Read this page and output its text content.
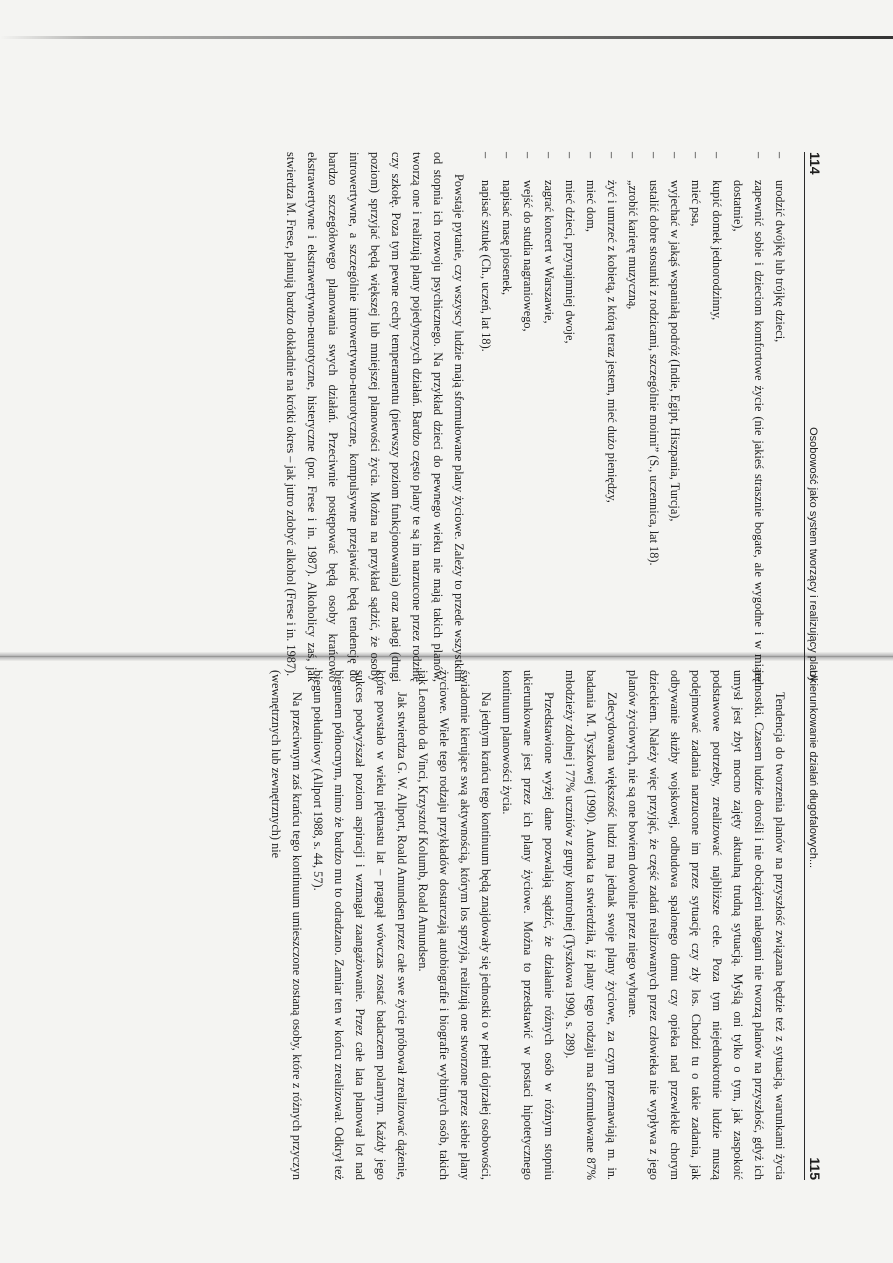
114
Osobowość jako system tworzący i realizujący plany
– urodzić dwójkę lub trójkę dzieci,
– zapewnić sobie i dzieciom komfortowe życie (nie jakieś strasznie bogate, ale wygodne i w miarę dostatnie),
– kupić domek jednorodzinny,
– mieć psa,
– wyjechać w jakąś wspaniałą podróż (Indie, Egipt, Hiszpania, Turcja),
– ustalić dobre stosunki z rodzicami, szczególnie moimi” (S., uczennica, lat 18).
– „zrobić karierę muzyczną,
– żyć i umrzeć z kobietą, z którą teraz jestem, mieć dużo pieniędzy,
– mieć dom,
– mieć dzieci, przynajmniej dwoje,
– zagrać koncert w Warszawie,
– wejść do studia nagraniowego,
– napisać masę piosenek,
– napisać sztukę (Ch., uczeń, lat 18).

Powstaje pytanie, czy wszyscy ludzie mają sformułowane plany życiowe. Zależy to przede wszystkim od stopnia ich rozwoju psychicznego. Na przykład dzieci do pewnego wieku nie mają takich planów, tworzą one i realizują plany pojedynczych działań. Bardzo często plany te są im narzucone przez rodzinę czy szkołę. Poza tym pewne cechy temperamentu (pierwszy poziom funkcjonowania) oraz nałogi (drugi poziom) sprzyjać będą większej lub mniejszej planowości życia. Można na przykład sądzić, że osoby introwertywne, a szczególnie introwertywno-neurotyczne, kompulsywne przejawiać będą tendencję do bardzo szczegółowego planowania swych działań. Przeciwnie postępować będą osoby krańcowo ekstrawertywne i ekstrawertywno-neurotyczne, histeryczne (por. Frese i in. 1987). Alkoholicy zaś, jak stwierdza M. Frese, planują bardzo dokładnie na krótki okres – jak jutro zdobyć alkohol (Frese i in. 1987).

Ukierunkowanie działań długofalowych...
115

Tendencja do tworzenia planów na przyszłość związana będzie też z sytuacją, warunkami życia jednostki. Czasem ludzie dorośli i nie obciążeni nałogami nie tworzą planów na przyszłość, gdyż ich umysł jest zbyt mocno zajęty aktualną trudną sytuacją. Myślą oni tylko o tym, jak zaspokoić podstawowe potrzeby, zrealizować najbliższe cele. Poza tym niejednokrotnie ludzie muszą podejmować zadania narzucone im przez sytuację czy zły los. Chodzi tu o takie zadania, jak odbywanie służby wojskowej, odbudowa spalonego domu czy opieka nad przewlekle chorym dzieckiem. Należy więc przyjąć, że część zadań realizowanych przez człowieka nie wypływa z jego planów życiowych, nie są one bowiem dowolnie przez niego wybrane.

Zdecydowana większość ludzi ma jednak swoje plany życiowe, za czym przemawiają m. in. badania M. Tyszkowej (1990). Autorka ta stwierdziła, iż plany tego rodzaju ma sformułowane 87% młodzieży zdolnej i 77% uczniów z grupy kontrolnej (Tyszkowa 1990, s. 289).

Przedstawione wyżej dane pozwalają sądzić, że działanie różnych osób w różnym stopniu ukierunkowane jest przez ich plany życiowe. Można to przedstawić w postaci hipotetycznego kontinuum planowości życia.

Na jednym krańcu tego kontinuum będą znajdowały się jednostki o w pełni dojrzałej osobowości, świadomie kierujące swą aktywnością, którym los sprzyja, realizują one stworzone przez siebie plany życiowe. Wiele tego rodzaju przykładów dostarczają autobiografie i biografie wybitnych osób, takich jak Leonardo da Vinci, Krzysztof Kolumb, Roald Amundsen.

Jak stwierdza G. W. Allport, Roald Amundsen przez całe swe życie próbował zrealizować dążenie, które powstało w wieku piętnastu lat – pragnął wówczas zostać badaczem polarnym. Każdy jego sukces podwyższał poziom aspiracji i wzmagał zaangażowanie. Przez całe lata planował lot nad biegunem północnym, mimo że bardzo mu to odradzano. Zamiar ten w końcu zrealizował. Odkrył też biegun południowy (Allport 1988, s. 44, 57).

Na przeciwnym zaś krańcu tego kontinuum umieszczone zostaną osoby, które z różnych przyczyn (wewnętrznych lub zewnętrznych) nie
